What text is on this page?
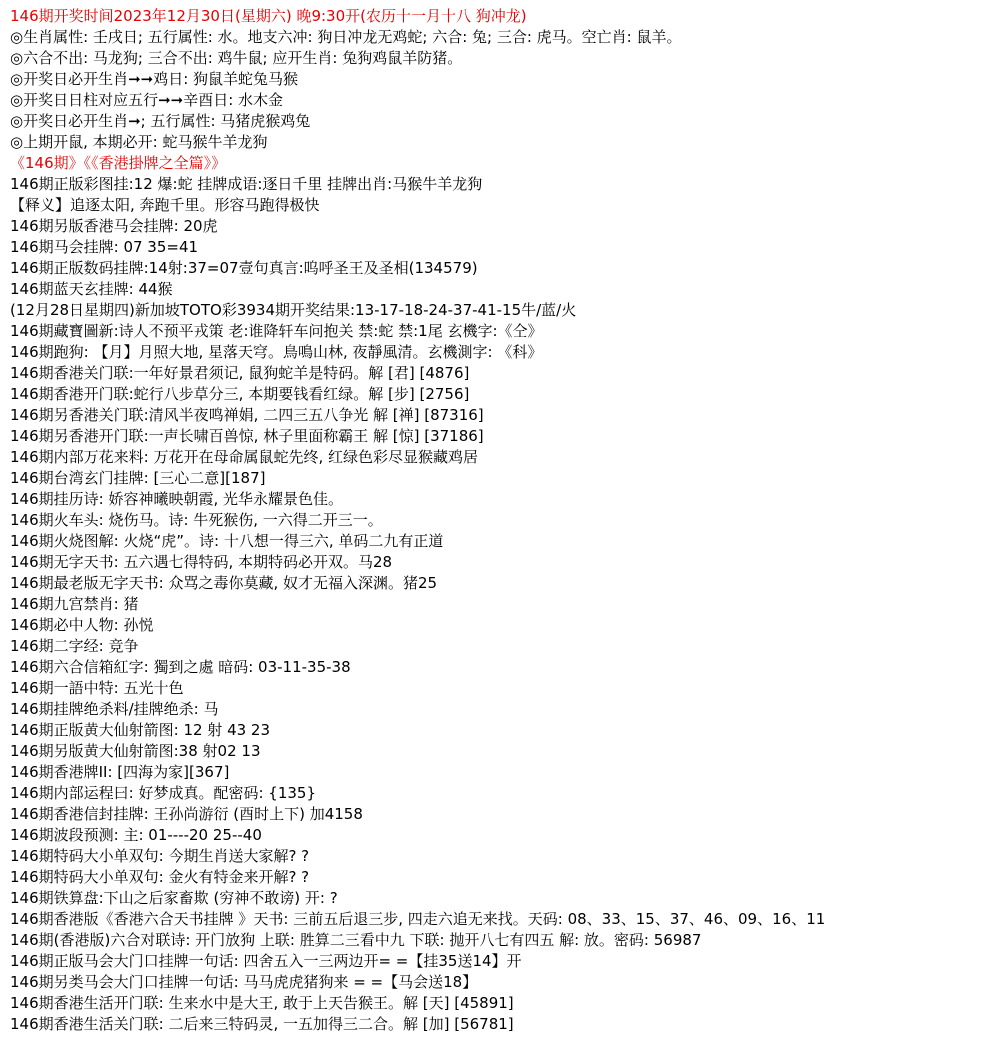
146期开奖时间2023年12月30日(星期六) 晚9:30开(农历十一月十八 狗冲龙)
◎生肖属性: 壬戌日; 五行属性: 水。地支六冲: 狗日冲龙无鸡蛇; 六合: 兔; 三合: 虎马。空亡肖: 鼠羊。
◎六合不出: 马龙狗; 三合不出: 鸡牛鼠; 应开生肖: 兔狗鸡鼠羊防猪。
◎开奖日必开生肖➞➞鸡日: 狗鼠羊蛇兔马猴
◎开奖日日柱对应五行➞➞辛酉日: 水木金
◎开奖日必开生肖➞; 五行属性: 马猪虎猴鸡兔
◎上期开鼠, 本期必开: 蛇马猴牛羊龙狗
《146期》《《香港掛牌之全篇》》
146期正版彩图挂:12 爆:蛇 挂牌成语:逐日千里 挂牌出肖:马猴牛羊龙狗
【释义】追逐太阳, 奔跑千里。形容马跑得极快
146期另版香港马会挂牌: 20虎
146期马会挂牌: 07 35=41
146期正版数码挂牌:14射:37=07壹句真言:呜呼圣王及圣相(134579)
146期蓝天玄挂牌: 44猴
(12月28日星期四)新加坡TOTO彩3934期开奖结果:13-17-18-24-37-41-15牛/蓝/火
146期藏寶圖新:诗人不预平戎策 老:谁降轩车问抱关 禁:蛇 禁:1尾 玄機字:《仝》
146期跑狗: 【月】月照大地, 星落天穹。鳥鳴山林, 夜靜風清。玄機測字: 《科》
146期香港关门联:一年好景君须记, 鼠狗蛇羊是特码。解 [君] [4876]
146期香港开门联:蛇行八步草分三, 本期要钱看红绿。解 [步] [2756]
146期另香港关门联:清风半夜鸣禅娟, 二四三五八争光 解 [禅] [87316]
146期另香港开门联:一声长啸百兽惊, 林子里面称霸王 解 [惊] [37186]
146期内部万花来料: 万花开在母命属鼠蛇先终, 红绿色彩尽显猴藏鸡居
146期台湾玄门挂牌: [三心二意][187]
146期挂历诗: 娇容神曦映朝霞, 光华永耀景色佳。
146期火车头: 烧伤马。诗: 牛死猴伤, 一六得二开三一。
146期火烧图解: 火烧“虎”。诗: 十八想一得三六, 单码二九有正道
146期无字天书: 五六遇七得特码, 本期特码必开双。马28
146期最老版无字天书: 众骂之毒你莫藏, 奴才无福入深渊。猪25
146期九宫禁肖: 猪
146期必中人物: 孙悦
146期二字经: 竞争
146期六合信箱紅字: 獨到之處 暗码: 03-11-35-38
146期一語中特: 五光十色
146期挂牌绝杀料/挂牌绝杀: 马
146期正版黄大仙射箭图: 12 射 43 23
146期另版黄大仙射箭图:38 射02 13
146期香港牌II: [四海为家][367]
146期内部运程曰: 好梦成真。配密码: {135}
146期香港信封挂牌: 王孙尚游衍 (酉时上下) 加4158
146期波段预测: 主: 01----20 25--40
146期特码大小单双句: 今期生肖送大家解? ?
146期特码大小单双句: 金火有特金来开解? ?
146期铁算盘:下山之后家畜欺 (穷神不敢谤) 开: ?
146期香港版《香港六合天书挂牌 》天书: 三前五后退三步, 四走六追无来找。天码: 08、33、15、37、46、09、16、11
146期(香港版)六合对联诗: 开门放狗 上联: 胜算二三看中九 下联: 抛开八七有四五 解: 放。密码: 56987
146期正版马会大门口挂牌一句话: 四舍五入一三两边开= =【挂35送14】开
146期另类马会大门口挂牌一句话: 马马虎虎猪狗来 = =【马会送18】
146期香港生活开门联: 生来水中是大王, 敢于上天告猴王。解 [天] [45891]
146期香港生活关门联: 二后来三特码灵, 一五加得三二合。解 [加] [56781]
